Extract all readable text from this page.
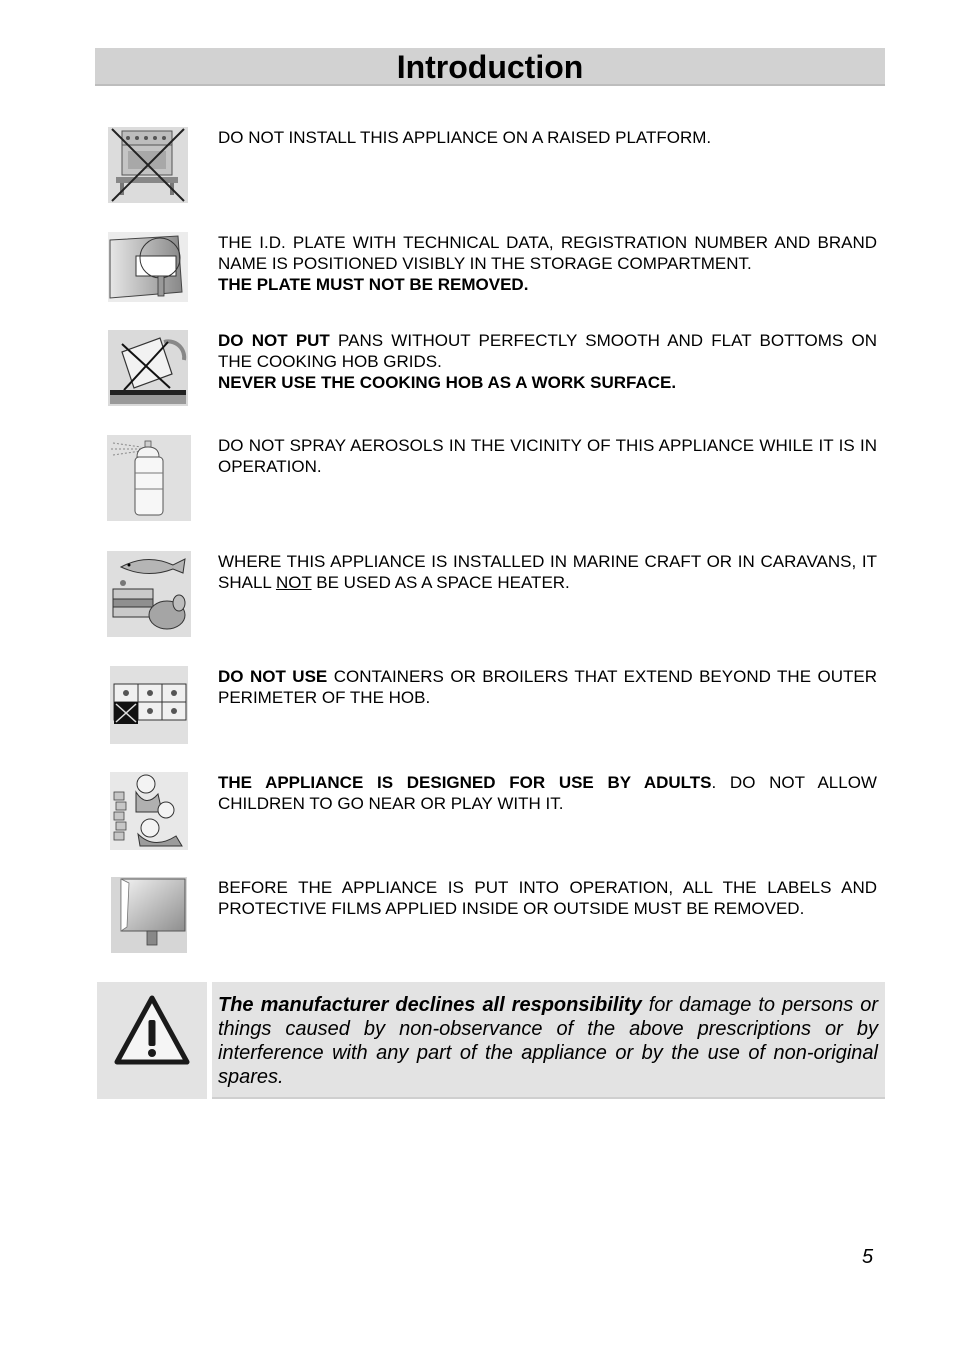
Introduction

DO NOT INSTALL THIS APPLIANCE ON A RAISED PLATFORM.

THE I.D. PLATE WITH TECHNICAL DATA, REGISTRATION NUMBER AND BRAND NAME IS POSITIONED VISIBLY IN THE STORAGE COMPARTMENT.

THE PLATE MUST NOT BE REMOVED.

DO NOT PUT PANS WITHOUT PERFECTLY SMOOTH AND FLAT BOTTOMS ON THE COOKING HOB GRIDS.

NEVER USE THE COOKING HOB AS A WORK SURFACE.

DO NOT SPRAY AEROSOLS IN THE VICINITY OF THIS APPLIANCE WHILE IT IS IN OPERATION.

WHERE THIS APPLIANCE IS INSTALLED IN MARINE CRAFT OR IN CARAVANS, IT SHALL NOT BE USED AS A SPACE HEATER.

DO NOT USE CONTAINERS OR BROILERS THAT EXTEND BEYOND THE OUTER PERIMETER OF THE HOB.

THE APPLIANCE IS DESIGNED FOR USE BY ADULTS. DO NOT ALLOW CHILDREN TO GO NEAR OR PLAY WITH IT.

BEFORE THE APPLIANCE IS PUT INTO OPERATION, ALL THE LABELS AND PROTECTIVE FILMS APPLIED INSIDE OR OUTSIDE MUST BE REMOVED.

The manufacturer declines all responsibility for damage to persons or things caused by non-observance of the above prescriptions or by interference with any part of the appliance or by the use of non-original spares.
5
